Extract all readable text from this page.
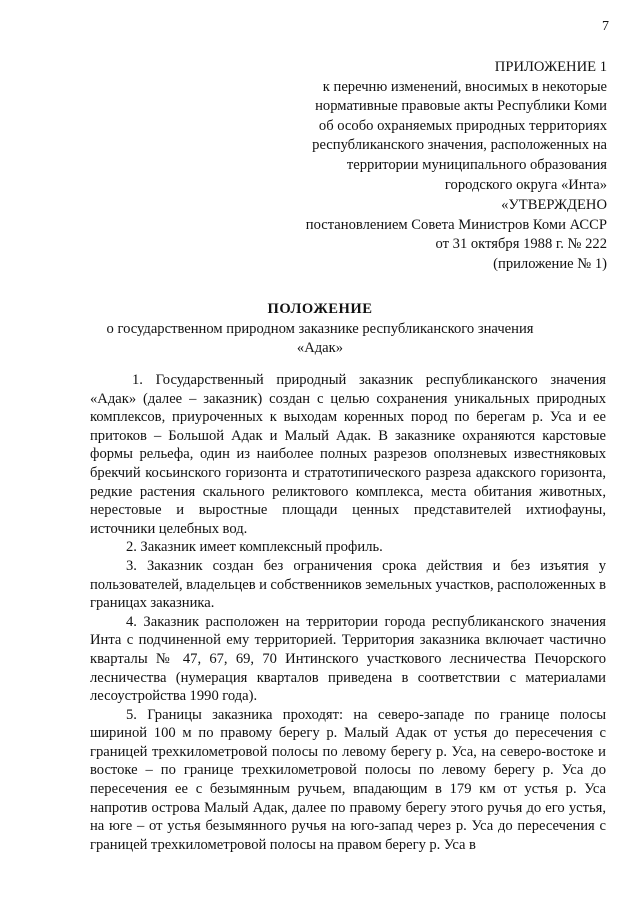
7
ПРИЛОЖЕНИЕ 1
к перечню изменений, вносимых в некоторые
нормативные правовые акты Республики Коми
об особо охраняемых природных территориях
республиканского значения, расположенных на
территории муниципального образования
городского округа «Инта»
«УТВЕРЖДЕНО
постановлением Совета Министров Коми АССР
от 31 октября 1988 г. № 222
(приложение № 1)
ПОЛОЖЕНИЕ
о государственном природном заказнике республиканского значения
«Адак»

1. Государственный природный заказник республиканского значения «Адак» (далее – заказник) создан с целью сохранения уникальных природных комплексов, приуроченных к выходам коренных пород по берегам р. Уса и ее притоков – Большой Адак и Малый Адак. В заказнике охраняются карстовые формы рельефа, один из наиболее полных разрезов оползневых известняковых брекчий косьинского горизонта и стратотипического разреза адакского горизонта, редкие растения скального реликтового комплекса, места обитания животных, нерестовые и выростные площади ценных представителей ихтиофауны, источники целебных вод.

2. Заказник имеет комплексный профиль.

3. Заказник создан без ограничения срока действия и без изъятия у пользователей, владельцев и собственников земельных участков, расположенных в границах заказника.

4. Заказник расположен на территории города республиканского значения Инта с подчиненной ему территорией. Территория заказника включает частично кварталы № 47, 67, 69, 70 Интинского участкового лесничества Печорского лесничества (нумерация кварталов приведена в соответствии с материалами лесоустройства 1990 года).

5. Границы заказника проходят: на северо-западе по границе полосы шириной 100 м по правому берегу р. Малый Адак от устья до пересечения с границей трехкилометровой полосы по левому берегу р. Уса, на северо-востоке и востоке – по границе трехкилометровой полосы по левому берегу р. Уса до пересечения ее с безымянным ручьем, впадающим в 179 км от устья р. Уса напротив острова Малый Адак, далее по правому берегу этого ручья до его устья, на юге – от устья безымянного ручья на юго-запад через р. Уса до пересечения с границей трехкилометровой полосы на правом берегу р. Уса в
